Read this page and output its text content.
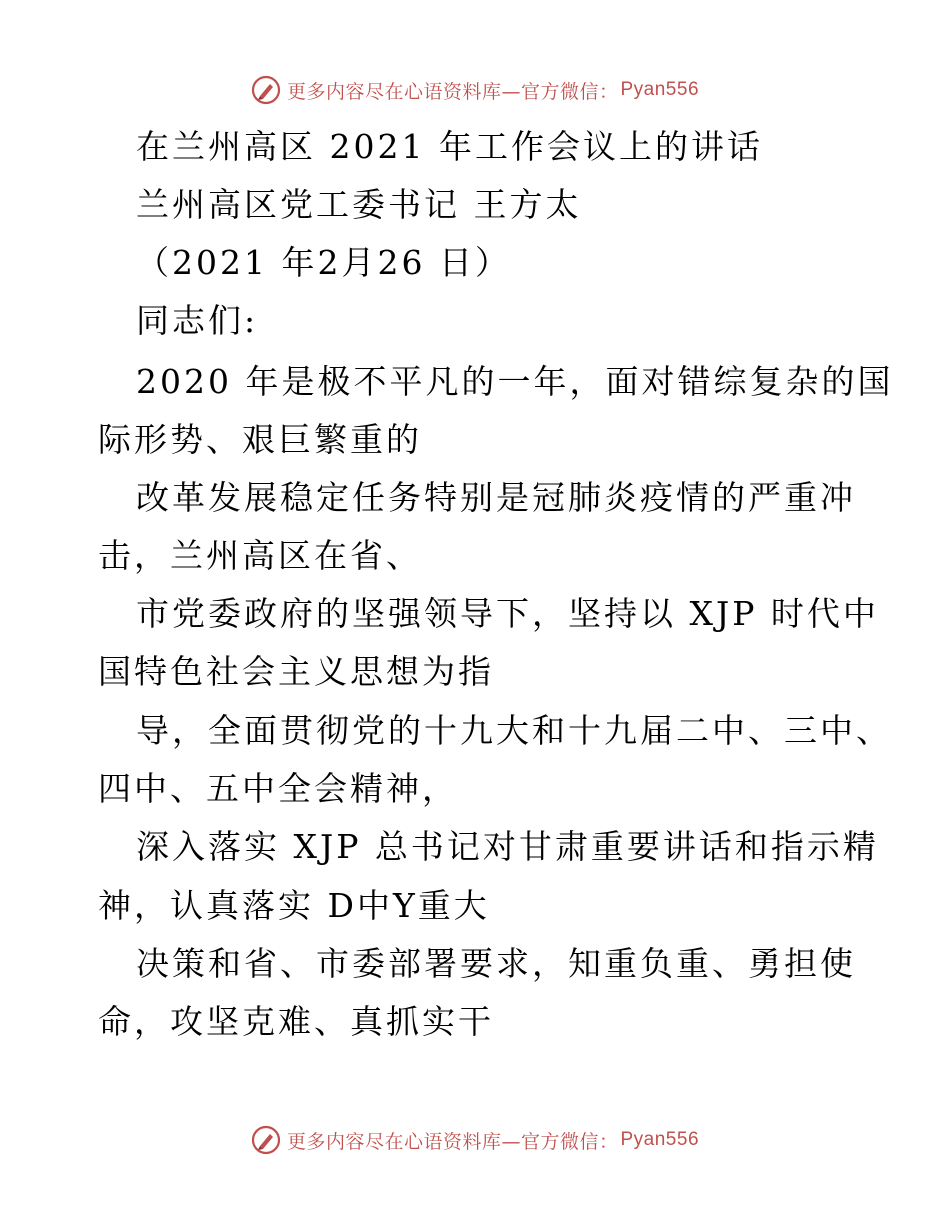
更多内容尽在心语资料库—官方微信： Pyan556
在兰州高区 2021 年工作会议上的讲话
兰州高区党工委书记 王方太
（2021 年2月26 日）
同志们:
2020 年是极不平凡的一年，面对错综复杂的国
际形势、艰巨繁重的
改革发展稳定任务特别是冠肺炎疫情的严重冲
击，兰州高区在省、
市党委政府的坚强领导下，坚持以 XJP 时代中
国特色社会主义思想为指
导，全面贯彻党的十九大和十九届二中、三中、
四中、五中全会精神，
深入落实 XJP 总书记对甘肃重要讲话和指示精
神，认真落实 D中Y重大
决策和省、市委部署要求，知重负重、勇担使
命，攻坚克难、真抓实干
更多内容尽在心语资料库—官方微信： Pyan556
